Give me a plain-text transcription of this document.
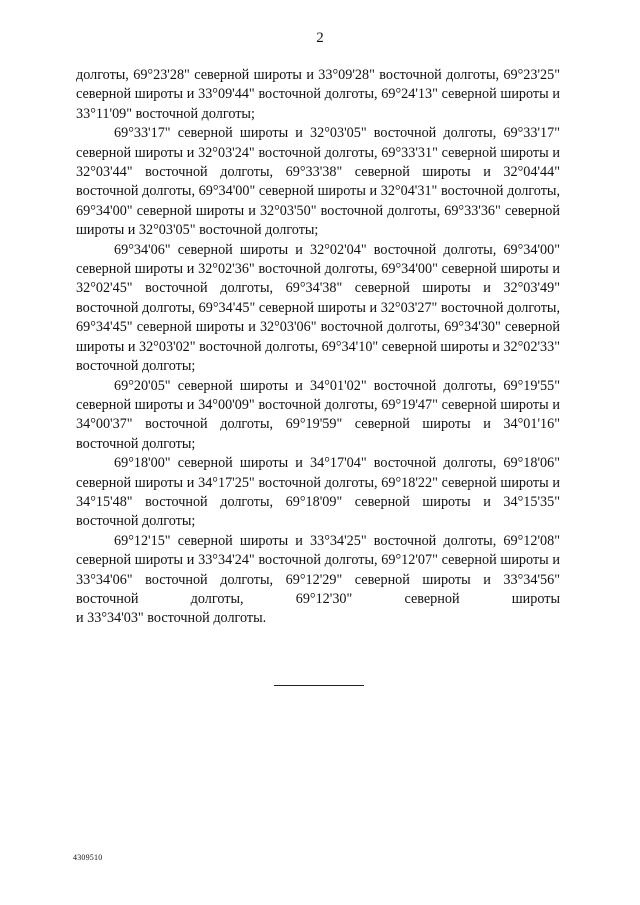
2

долготы, 69°23'28" северной широты и 33°09'28" восточной долготы, 69°23'25" северной широты и 33°09'44" восточной долготы, 69°24'13" северной широты и 33°11'09" восточной долготы;

69°33'17" северной широты и 32°03'05" восточной долготы, 69°33'17" северной широты и 32°03'24" восточной долготы, 69°33'31" северной широты и 32°03'44" восточной долготы, 69°33'38" северной широты и 32°04'44" восточной долготы, 69°34'00" северной широты и 32°04'31" восточной долготы, 69°34'00" северной широты и 32°03'50" восточной долготы, 69°33'36" северной широты и 32°03'05" восточной долготы;

69°34'06" северной широты и 32°02'04" восточной долготы, 69°34'00" северной широты и 32°02'36" восточной долготы, 69°34'00" северной широты и 32°02'45" восточной долготы, 69°34'38" северной широты и 32°03'49" восточной долготы, 69°34'45" северной широты и 32°03'27" восточной долготы, 69°34'45" северной широты и 32°03'06" восточной долготы, 69°34'30" северной широты и 32°03'02" восточной долготы, 69°34'10" северной широты и 32°02'33" восточной долготы;

69°20'05" северной широты и 34°01'02" восточной долготы, 69°19'55" северной широты и 34°00'09" восточной долготы, 69°19'47" северной широты и 34°00'37" восточной долготы, 69°19'59" северной широты и 34°01'16" восточной долготы;

69°18'00" северной широты и 34°17'04" восточной долготы, 69°18'06" северной широты и 34°17'25" восточной долготы, 69°18'22" северной широты и 34°15'48" восточной долготы, 69°18'09" северной широты и 34°15'35" восточной долготы;

69°12'15" северной широты и 33°34'25" восточной долготы, 69°12'08" северной широты и 33°34'24" восточной долготы, 69°12'07" северной широты и 33°34'06" восточной долготы, 69°12'29" северной широты и 33°34'56" восточной долготы, 69°12'30" северной широты

и 33°34'03" восточной долготы.

4309510
